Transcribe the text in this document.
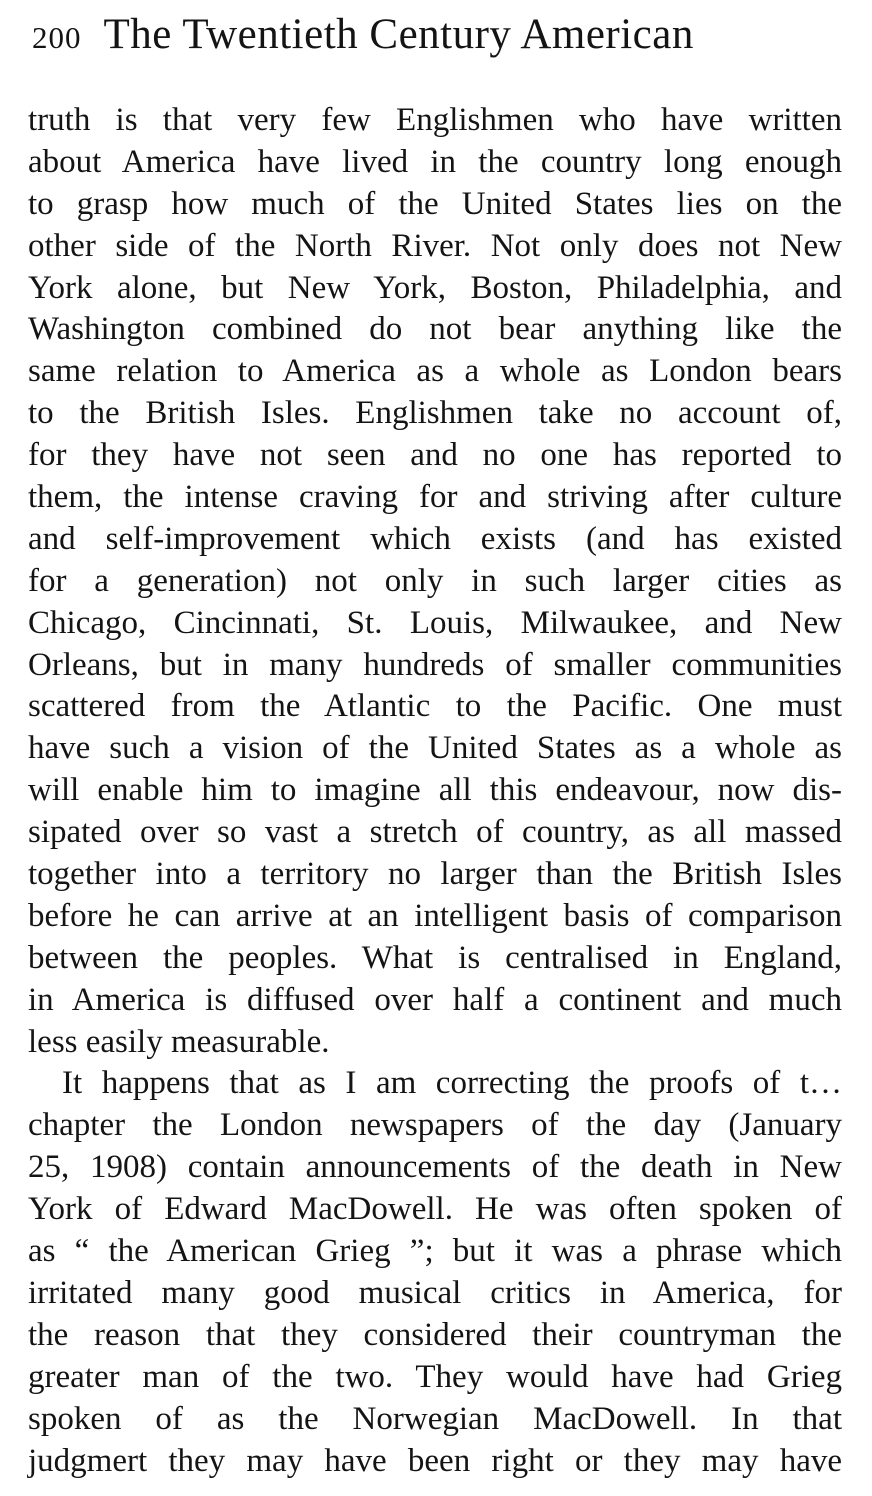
200 The Twentieth Century American
truth is that very few Englishmen who have written
about America have lived in the country long enough
to grasp how much of the United States lies on the
other side of the North River. Not only does not New
York alone, but New York, Boston, Philadelphia, and
Washington combined do not bear anything like the
same relation to America as a whole as London bears
to the British Isles. Englishmen take no account of,
for they have not seen and no one has reported to
them, the intense craving for and striving after culture
and self-improvement which exists (and has existed
for a generation) not only in such larger cities as
Chicago, Cincinnati, St. Louis, Milwaukee, and New
Orleans, but in many hundreds of smaller communities
scattered from the Atlantic to the Pacific. One must
have such a vision of the United States as a whole as
will enable him to imagine all this endeavour, now dis-
sipated over so vast a stretch of country, as all massed
together into a territory no larger than the British Isles
before he can arrive at an intelligent basis of comparison
between the peoples. What is centralised in England,
in America is diffused over half a continent and much
less easily measurable.
It happens that as I am correcting the proofs of t…
chapter the London newspapers of the day (January
25, 1908) contain announcements of the death in New
York of Edward MacDowell. He was often spoken of
as “ the American Grieg ”; but it was a phrase which
irritated many good musical critics in America, for
the reason that they considered their countryman the
greater man of the two. They would have had Grieg
spoken of as the Norwegian MacDowell. In that
judgmert they may have been right or they may have
